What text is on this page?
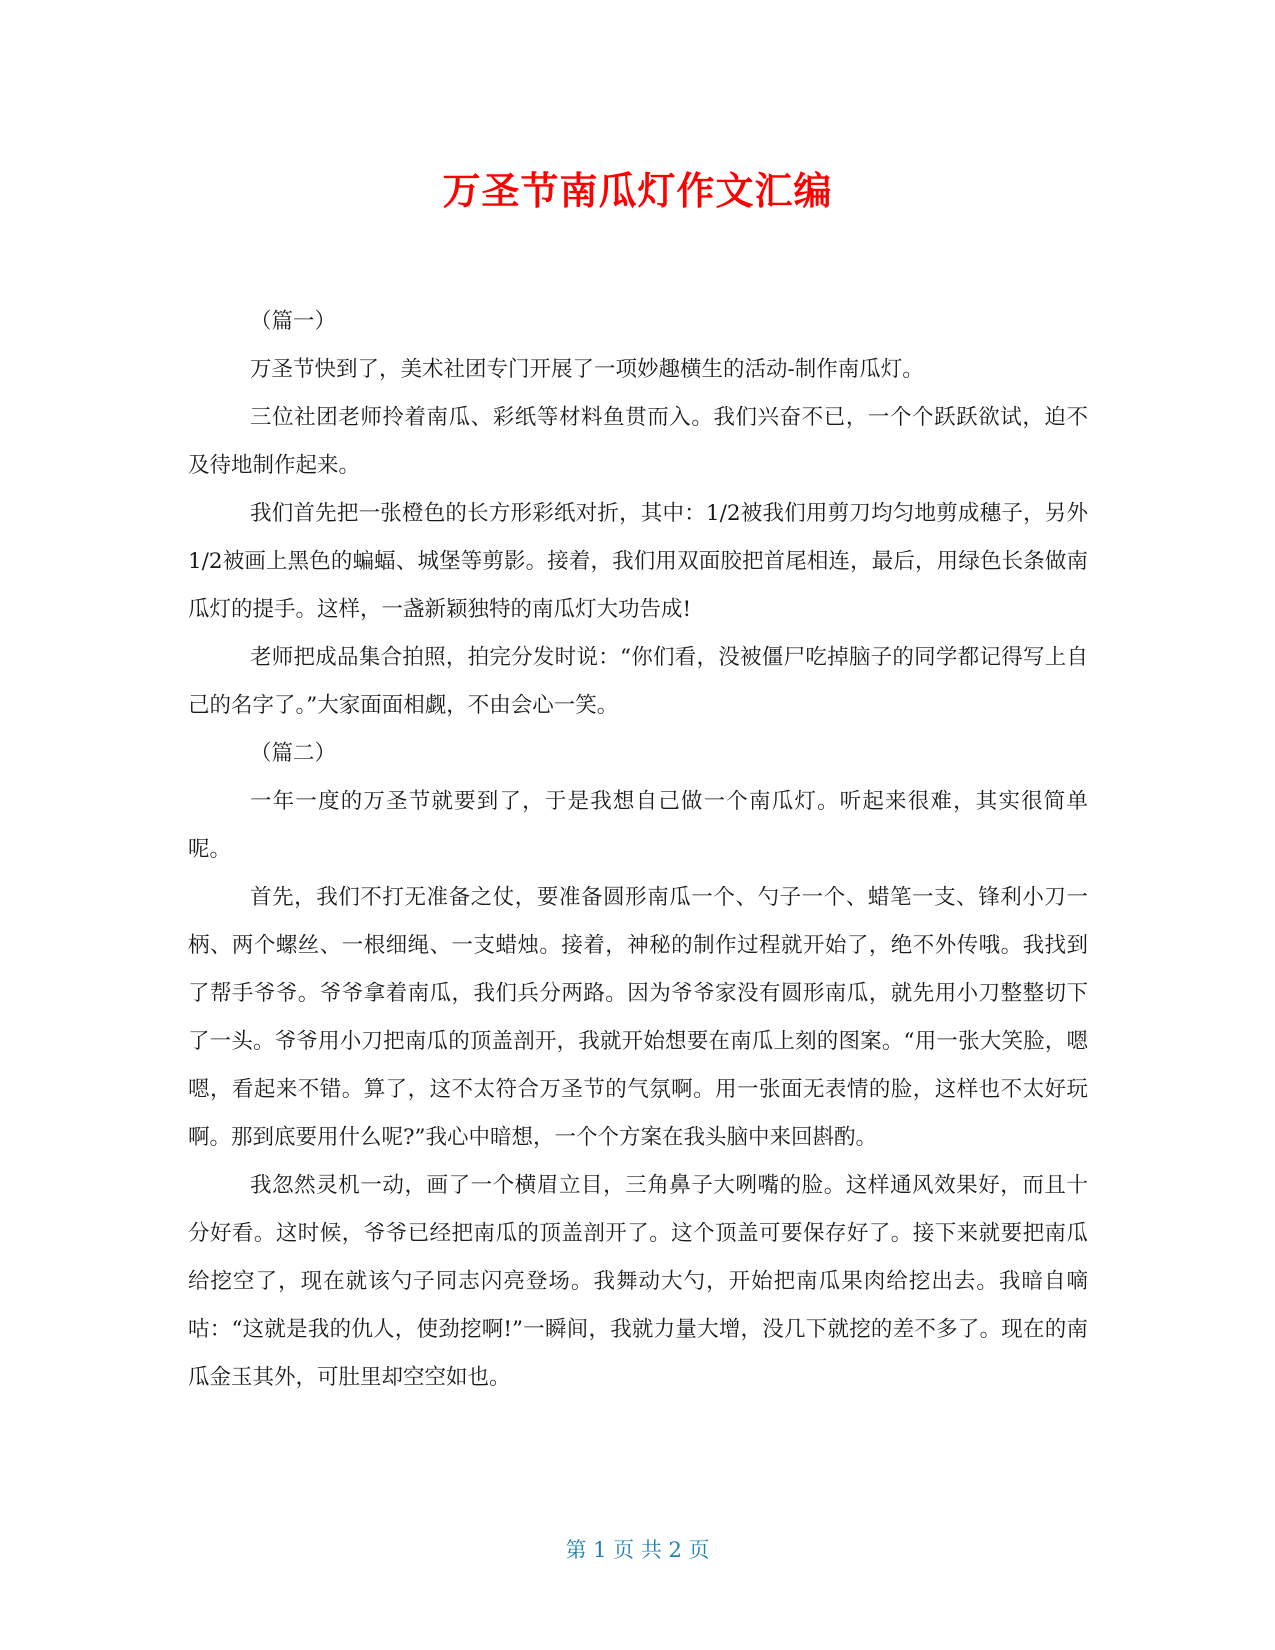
万圣节南瓜灯作文汇编

（篇一）

万圣节快到了，美术社团专门开展了一项妙趣横生的活动-制作南瓜灯。

三位社团老师拎着南瓜、彩纸等材料鱼贯而入。我们兴奋不已，一个个跃跃欲试，迫不及待地制作起来。

我们首先把一张橙色的长方形彩纸对折，其中：1/2被我们用剪刀均匀地剪成穗子，另外1/2被画上黑色的蝙蝠、城堡等剪影。接着，我们用双面胶把首尾相连，最后，用绿色长条做南瓜灯的提手。这样，一盏新颖独特的南瓜灯大功告成!

老师把成品集合拍照，拍完分发时说：“你们看，没被僵尸吃掉脑子的同学都记得写上自己的名字了。”大家面面相觑，不由会心一笑。

（篇二）

一年一度的万圣节就要到了，于是我想自己做一个南瓜灯。听起来很难，其实很简单呢。

首先，我们不打无准备之仗，要准备圆形南瓜一个、勺子一个、蜡笔一支、锋利小刀一柄、两个螺丝、一根细绳、一支蜡烛。接着，神秘的制作过程就开始了，绝不外传哦。我找到了帮手爷爷。爷爷拿着南瓜，我们兵分两路。因为爷爷家没有圆形南瓜，就先用小刀整整切下了一头。爷爷用小刀把南瓜的顶盖剖开，我就开始想要在南瓜上刻的图案。“用一张大笑脸，嗯嗯，看起来不错。算了，这不太符合万圣节的气氛啊。用一张面无表情的脸，这样也不太好玩啊。那到底要用什么呢?”我心中暗想，一个个方案在我头脑中来回斟酌。

我忽然灵机一动，画了一个横眉立目，三角鼻子大咧嘴的脸。这样通风效果好，而且十分好看。这时候，爷爷已经把南瓜的顶盖剖开了。这个顶盖可要保存好了。接下来就要把南瓜给挖空了，现在就该勺子同志闪亮登场。我舞动大勺，开始把南瓜果肉给挖出去。我暗自嘀咕：“这就是我的仇人，使劲挖啊!”一瞬间，我就力量大增，没几下就挖的差不多了。现在的南瓜金玉其外，可肚里却空空如也。

第 1 页 共 2 页
